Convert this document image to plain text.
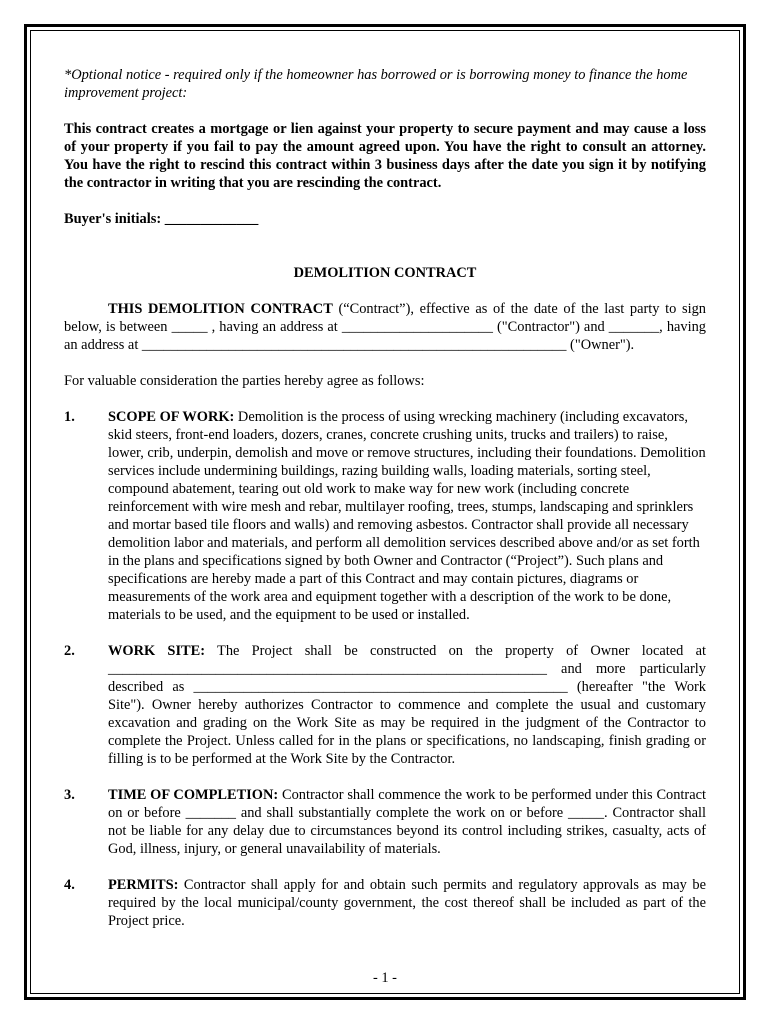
*Optional notice - required only if the homeowner has borrowed or is borrowing money to finance the home improvement project:

This contract creates a mortgage or lien against your property to secure payment and may cause a loss of your property if you fail to pay the amount agreed upon. You have the right to consult an attorney. You have the right to rescind this contract within 3 business days after the date you sign it by notifying the contractor in writing that you are rescinding the contract.

Buyer's initials: _____________

DEMOLITION CONTRACT

THIS DEMOLITION CONTRACT (“Contract”), effective as of the date of the last party to sign below, is between _____ , having an address at _____________________ ("Contractor") and _______, having an address at ___________________________________________________________ ("Owner").

For valuable consideration the parties hereby agree as follows:

1.	SCOPE OF WORK: Demolition is the process of using wrecking machinery (including excavators, skid steers, front-end loaders, dozers, cranes, concrete crushing units, trucks and trailers) to raise, lower, crib, underpin, demolish and move or remove structures, including their foundations. Demolition services include undermining buildings, razing building walls, loading materials, sorting steel, compound abatement, tearing out old work to make way for new work (including concrete reinforcement with wire mesh and rebar, multilayer roofing, trees, stumps, landscaping and sprinklers and mortar based tile floors and walls) and removing asbestos. Contractor shall provide all necessary demolition labor and materials, and perform all demolition services described above and/or as set forth in the plans and specifications signed by both Owner and Contractor (“Project”). Such plans and specifications are hereby made a part of this Contract and may contain pictures, diagrams or measurements of the work area and equipment together with a description of the work to be done, materials to be used, and the equipment to be used or installed.
2.	WORK SITE: The Project shall be constructed on the property of Owner located at _____________________________________________________________ and more particularly described as ____________________________________________________ (hereafter "the Work Site"). Owner hereby authorizes Contractor to commence and complete the usual and customary excavation and grading on the Work Site as may be required in the judgment of the Contractor to complete the Project. Unless called for in the plans or specifications, no landscaping, finish grading or filling is to be performed at the Work Site by the Contractor.
3.	TIME OF COMPLETION: Contractor shall commence the work to be performed under this Contract on or before _______ and shall substantially complete the work on or before _____. Contractor shall not be liable for any delay due to circumstances beyond its control including strikes, casualty, acts of God, illness, injury, or general unavailability of materials.
4.	PERMITS: Contractor shall apply for and obtain such permits and regulatory approvals as may be required by the local municipal/county government, the cost thereof shall be included as part of the Project price.
- 1 -
